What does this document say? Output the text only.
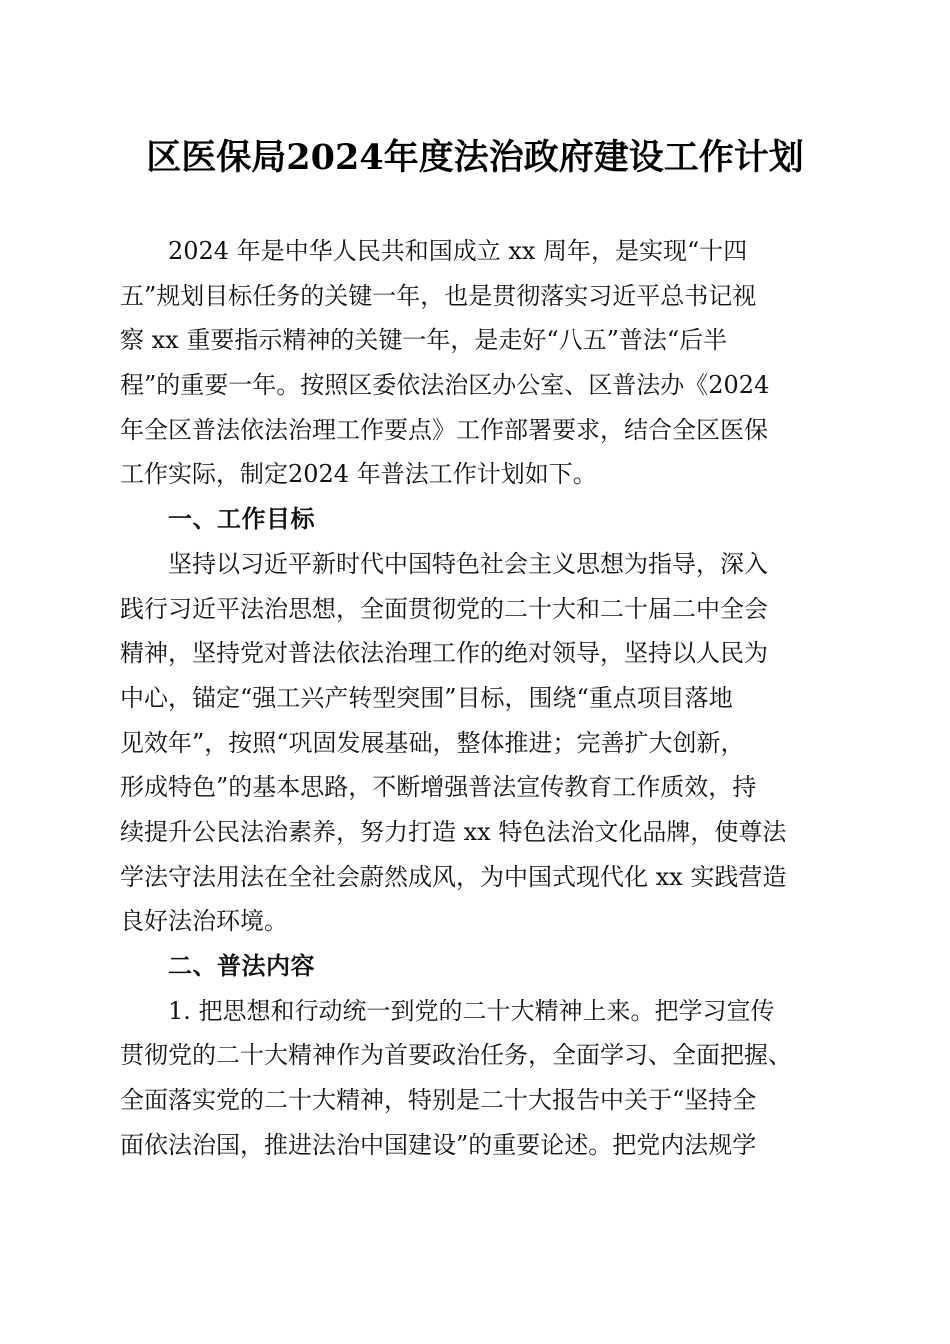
区医保局2024年度法治政府建设工作计划
2024 年是中华人民共和国成立 xx 周年，是实现“十四
五”规划目标任务的关键一年，也是贯彻落实习近平总书记视
察 xx 重要指示精神的关键一年，是走好“八五”普法“后半
程”的重要一年。按照区委依法治区办公室、区普法办《2024
年全区普法依法治理工作要点》工作部署要求，结合全区医保
工作实际，制定2024 年普法工作计划如下。
一、工作目标
坚持以习近平新时代中国特色社会主义思想为指导，深入
践行习近平法治思想，全面贯彻党的二十大和二十届二中全会
精神，坚持党对普法依法治理工作的绝对领导，坚持以人民为
中心，锚定“强工兴产转型突围”目标，围绕“重点项目落地
见效年”，按照“巩固发展基础，整体推进；完善扩大创新，
形成特色”的基本思路，不断增强普法宣传教育工作质效，持
续提升公民法治素养，努力打造 xx 特色法治文化品牌，使尊法
学法守法用法在全社会蔚然成风，为中国式现代化 xx 实践营造
良好法治环境。
二、普法内容
1. 把思想和行动统一到党的二十大精神上来。把学习宣传
贯彻党的二十大精神作为首要政治任务，全面学习、全面把握、
全面落实党的二十大精神，特别是二十大报告中关于“坚持全
面依法治国，推进法治中国建设”的重要论述。把党内法规学
